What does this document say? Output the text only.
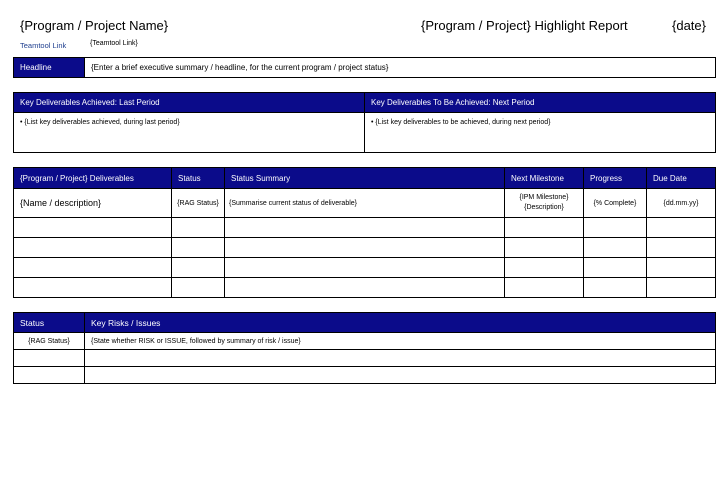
{Program / Project Name}	{Program / Project} Highlight Report	{date}
Teamtool Link	{Teamtool Link}
Headline	{Enter a brief executive summary / headline, for the current program / project status}
Key Deliverables Achieved: Last Period	Key Deliverables To Be Achieved: Next Period
• {List key deliverables achieved, during last period}	• {List key deliverables to be achieved, during next period}
{Program / Project} Deliverables	Status	Status Summary	Next Milestone	Progress	Due Date
{Name / description}	{RAG Status}	{Summarise current status of deliverable}	{IPM Milestone} {Description}	{% Complete}	{dd.mm.yy}

Status	Key Risks / Issues
{RAG Status}	{State whether RISK or ISSUE, followed by summary of risk / issue}
